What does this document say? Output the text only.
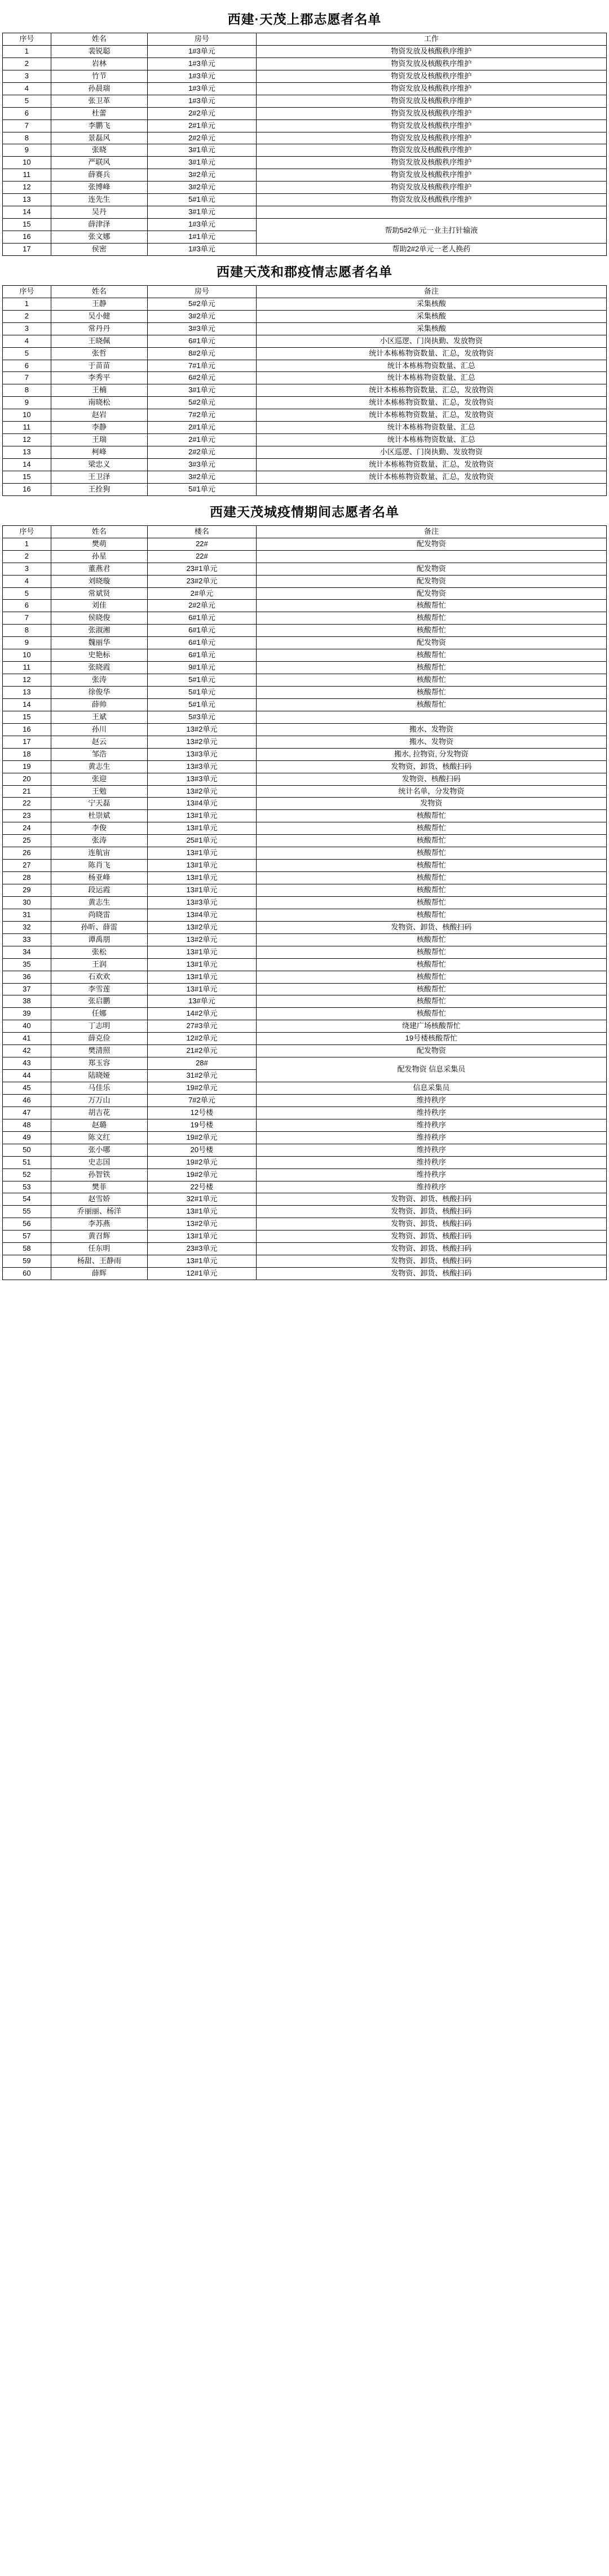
西建·天茂上郡志愿者名单
序号	姓名	房号	工作
1	裴锐聪	1#3单元	物资发放及核酸秩序维护
2	岩林	1#3单元	物资发放及核酸秩序维护
3	竹节	1#3单元	物资发放及核酸秩序维护
4	孙晨瑞	1#3单元	物资发放及核酸秩序维护
5	张卫革	1#3单元	物资发放及核酸秩序维护
6	杜蕾	2#2单元	物资发放及核酸秩序维护
7	李鹏飞	2#1单元	物资发放及核酸秩序维护
8	景磊风	2#2单元	物资发放及核酸秩序维护
9	张晓	3#1单元	物资发放及核酸秩序维护
10	严联风	3#1单元	物资发放及核酸秩序维护
11	薛赛兵	3#2单元	物资发放及核酸秩序维护
12	张博峰	3#2单元	物资发放及核酸秩序维护
13	连先生	5#1单元	物资发放及核酸秩序维护
14	吴丹	3#1单元	
15	薛津泽	1#3单元	帮助5#2单元一业主打针输液
16	张文娜	1#1单元	
17	侯密	1#3单元	帮助2#2单元一老人换药
西建天茂和郡疫情志愿者名单
序号	姓名	房号	备注
1	王静	5#2单元	采集核酸
2	吴小健	3#2单元	采集核酸
3	常丹丹	3#3单元	采集核酸
4	王晓佩	6#1单元	小区巡逻、门岗执勤、发放物资
5	张哲	8#2单元	统计本栋栋物资数量、汇总，发放物资
6	于苗苗	7#1单元	统计本栋栋物资数量、汇总
7	李秀平	6#2单元	统计本栋栋物资数量、汇总
8	王楠	3#1单元	统计本栋栋物资数量、汇总，发放物资
9	南晓松	5#2单元	统计本栋栋物资数量、汇总，发放物资
10	赵岩	7#2单元	统计本栋栋物资数量、汇总，发放物资
11	李静	2#1单元	统计本栋栋物资数量、汇总
12	王瑞	2#1单元	统计本栋栋物资数量、汇总
13	柯峰	2#2单元	小区巡逻、门岗执勤、发放物资
14	梁忠义	3#3单元	统计本栋栋物资数量、汇总，发放物资
15	王卫泽	3#2单元	统计本栋栋物资数量、汇总，发放物资
16	王拴狗	5#1单元	
西建天茂城疫情期间志愿者名单
序号	姓名	楼名	备注
1	樊萌	22#	配发物资
2	孙星	22#	
3	董燕君	23#1单元	配发物资
4	刘晓璇	23#2单元	配发物资
5	常斌贤	2#单元	配发物资
6	刘佳	2#2单元	核酸帮忙
7	侯晓俊	6#1单元	核酸帮忙
8	张淑湘	6#1单元	核酸帮忙
9	魏丽华	6#1单元	配发物资
10	史艳标	6#1单元	核酸帮忙
11	张晓霞	9#1单元	核酸帮忙
12	张涛	5#1单元	核酸帮忙
13	徐俊华	5#1单元	核酸帮忙
14	薛帅	5#1单元	核酸帮忙
15	王斌	5#3单元	
16	孙川	13#2单元	搬水、发物资
17	赵云	13#2单元	搬水、发物资
18	邹浩	13#3单元	搬水, 拉物资, 分发物资
19	黄志生	13#3单元	发物资、卸货、核酸扫码
20	张迎	13#3单元	发物资、核酸扫码
21	王勉	13#2单元	统计名单，分发物资
22	宁天磊	13#4单元	发物资
23	杜崇斌	13#1单元	核酸帮忙
24	李俊	13#1单元	核酸帮忙
25	张涛	25#1单元	核酸帮忙
26	连航宙	13#1单元	核酸帮忙
27	陈肖飞	13#1单元	核酸帮忙
28	杨亚峰	13#1单元	核酸帮忙
29	段运霞	13#1单元	核酸帮忙
30	黄志生	13#3单元	核酸帮忙
31	尚晓雷	13#4单元	核酸帮忙
32	孙昕、薛雷	13#2单元	发物资、卸货、核酸扫码
33	谭禹朋	13#2单元	核酸帮忙
34	张松	13#1单元	核酸帮忙
35	王润	13#1单元	核酸帮忙
36	石欢欢	13#1单元	核酸帮忙
37	李雪莲	13#1单元	核酸帮忙
38	张启鹏	13#单元	核酸帮忙
39	任娜	14#2单元	核酸帮忙
40	丁志明	27#3单元	绕建广场核酸帮忙
41	薛克俭	12#2单元	19号楼核酸帮忙
42	樊清照	21#2单元	配发物资
43	郑玉容	28#	配发物资 信息采集员
44	陆晓娅	31#2单元	
45	马佳乐	19#2单元	信息采集员
46	万万山	7#2单元	维持秩序
47	胡吉花	12号楼	维持秩序
48	赵璐	19号楼	维持秩序
49	陈文红	19#2单元	维持秩序
50	张小哪	20号楼	维持秩序
51	史志国	19#2单元	维持秩序
52	孙智铁	19#2单元	维持秩序
53	樊菲	22号楼	维持秩序
54	赵雪娇	32#1单元	发物资、卸货、核酸扫码
55	乔丽丽、杨洋	13#1单元	发物资、卸货、核酸扫码
56	李苏燕	13#2单元	发物资、卸货、核酸扫码
57	黄召辉	13#1单元	发物资、卸货、核酸扫码
58	任东明	23#3单元	发物资、卸货、核酸扫码
59	杨甜、王静雨	13#1单元	发物资、卸货、核酸扫码
60	薛辉	12#1单元	发物资、卸货、核酸扫码
